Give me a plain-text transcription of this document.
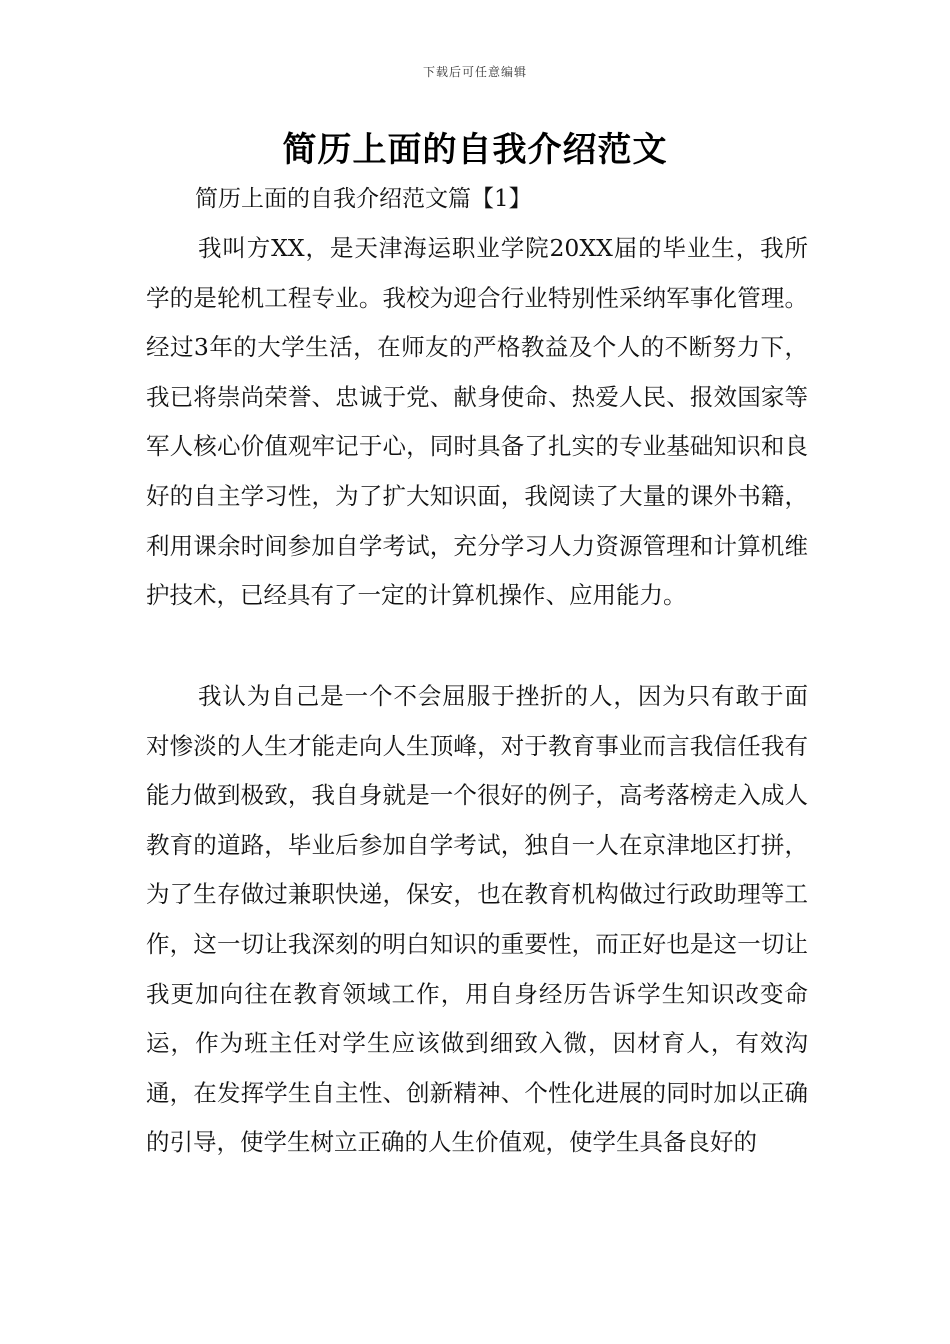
下载后可任意编辑
简历上面的自我介绍范文
简历上面的自我介绍范文篇【1】

我叫方XX，是天津海运职业学院20XX届的毕业生，我所学的是轮机工程专业。我校为迎合行业特别性采纳军事化管理。经过3年的大学生活，在师友的严格教益及个人的不断努力下，我已将崇尚荣誉、忠诚于党、献身使命、热爱人民、报效国家等军人核心价值观牢记于心，同时具备了扎实的专业基础知识和良好的自主学习性，为了扩大知识面，我阅读了大量的课外书籍，利用课余时间参加自学考试，充分学习人力资源管理和计算机维护技术，已经具有了一定的计算机操作、应用能力。

我认为自己是一个不会屈服于挫折的人，因为只有敢于面对惨淡的人生才能走向人生顶峰，对于教育事业而言我信任我有能力做到极致，我自身就是一个很好的例子，高考落榜走入成人教育的道路，毕业后参加自学考试，独自一人在京津地区打拼，为了生存做过兼职快递，保安，也在教育机构做过行政助理等工作，这一切让我深刻的明白知识的重要性，而正好也是这一切让我更加向往在教育领域工作，用自身经历告诉学生知识改变命运，作为班主任对学生应该做到细致入微，因材育人，有效沟通，在发挥学生自主性、创新精神、个性化进展的同时加以正确的引导，使学生树立正确的人生价值观，使学生具备良好的
